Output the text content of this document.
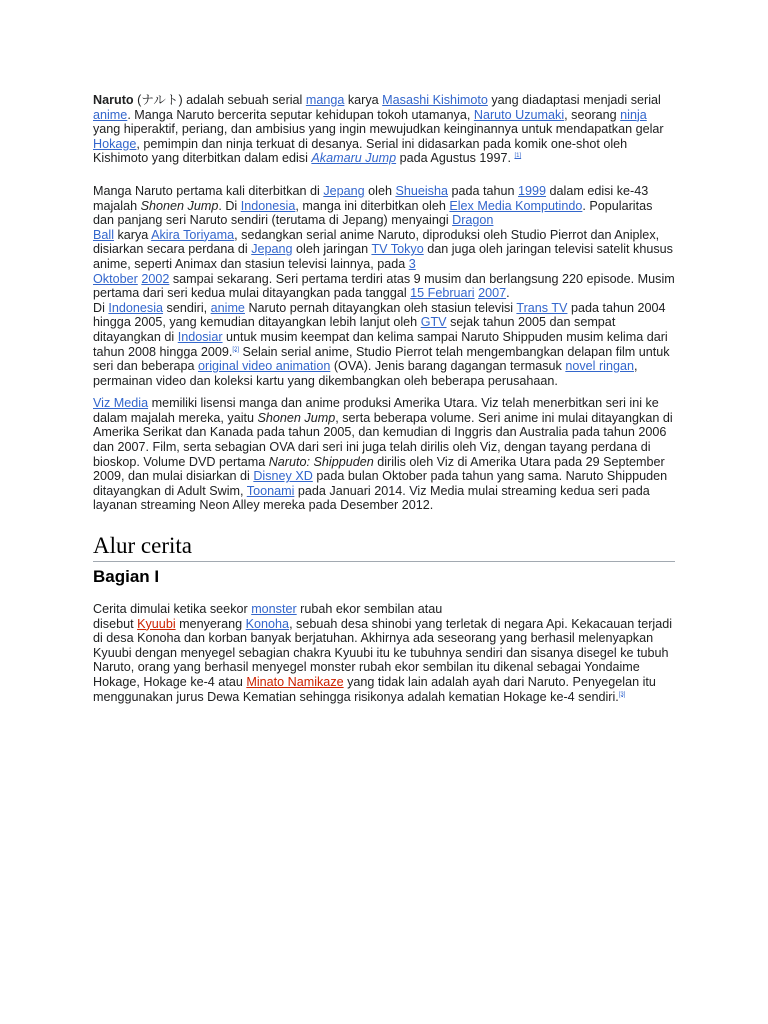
Naruto (ナルト) adalah sebuah serial manga karya Masashi Kishimoto yang diadaptasi menjadi serial anime. Manga Naruto bercerita seputar kehidupan tokoh utamanya, Naruto Uzumaki, seorang ninja yang hiperaktif, periang, dan ambisius yang ingin mewujudkan keinginannya untuk mendapatkan gelar Hokage, pemimpin dan ninja terkuat di desanya. Serial ini didasarkan pada komik one-shot oleh Kishimoto yang diterbitkan dalam edisi Akamaru Jump pada Agustus 1997. [1]

Manga Naruto pertama kali diterbitkan di Jepang oleh Shueisha pada tahun 1999 dalam edisi ke-43 majalah Shonen Jump. Di Indonesia, manga ini diterbitkan oleh Elex Media Komputindo. Popularitas dan panjang seri Naruto sendiri (terutama di Jepang) menyaingi Dragon
Ball karya Akira Toriyama, sedangkan serial anime Naruto, diproduksi oleh Studio Pierrot dan Aniplex, disiarkan secara perdana di Jepang oleh jaringan TV Tokyo dan juga oleh jaringan televisi satelit khusus anime, seperti Animax dan stasiun televisi lainnya, pada 3
Oktober 2002 sampai sekarang. Seri pertama terdiri atas 9 musim dan berlangsung 220 episode. Musim pertama dari seri kedua mulai ditayangkan pada tanggal 15 Februari 2007.
Di Indonesia sendiri, anime Naruto pernah ditayangkan oleh stasiun televisi Trans TV pada tahun 2004 hingga 2005, yang kemudian ditayangkan lebih lanjut oleh GTV sejak tahun 2005 dan sempat ditayangkan di Indosiar untuk musim keempat dan kelima sampai Naruto Shippuden musim kelima dari tahun 2008 hingga 2009.[2] Selain serial anime, Studio Pierrot telah mengembangkan delapan film untuk seri dan beberapa original video animation (OVA). Jenis barang dagangan termasuk novel ringan, permainan video dan koleksi kartu yang dikembangkan oleh beberapa perusahaan.

Viz Media memiliki lisensi manga dan anime produksi Amerika Utara. Viz telah menerbitkan seri ini ke dalam majalah mereka, yaitu Shonen Jump, serta beberapa volume. Seri anime ini mulai ditayangkan di Amerika Serikat dan Kanada pada tahun 2005, dan kemudian di Inggris dan Australia pada tahun 2006 dan 2007. Film, serta sebagian OVA dari seri ini juga telah dirilis oleh Viz, dengan tayang perdana di bioskop. Volume DVD pertama Naruto: Shippuden dirilis oleh Viz di Amerika Utara pada 29 September 2009, dan mulai disiarkan di Disney XD pada bulan Oktober pada tahun yang sama. Naruto Shippuden ditayangkan di Adult Swim, Toonami pada Januari 2014. Viz Media mulai streaming kedua seri pada layanan streaming Neon Alley mereka pada Desember 2012.

Alur cerita
Bagian I

Cerita dimulai ketika seekor monster rubah ekor sembilan atau
disebut Kyuubi menyerang Konoha, sebuah desa shinobi yang terletak di negara Api. Kekacauan terjadi di desa Konoha dan korban banyak berjatuhan. Akhirnya ada seseorang yang berhasil melenyapkan Kyuubi dengan menyegel sebagian chakra Kyuubi itu ke tubuhnya sendiri dan sisanya disegel ke tubuh Naruto, orang yang berhasil menyegel monster rubah ekor sembilan itu dikenal sebagai Yondaime Hokage, Hokage ke-4 atau Minato Namikaze yang tidak lain adalah ayah dari Naruto. Penyegelan itu menggunakan jurus Dewa Kematian sehingga risikonya adalah kematian Hokage ke-4 sendiri.[3]
